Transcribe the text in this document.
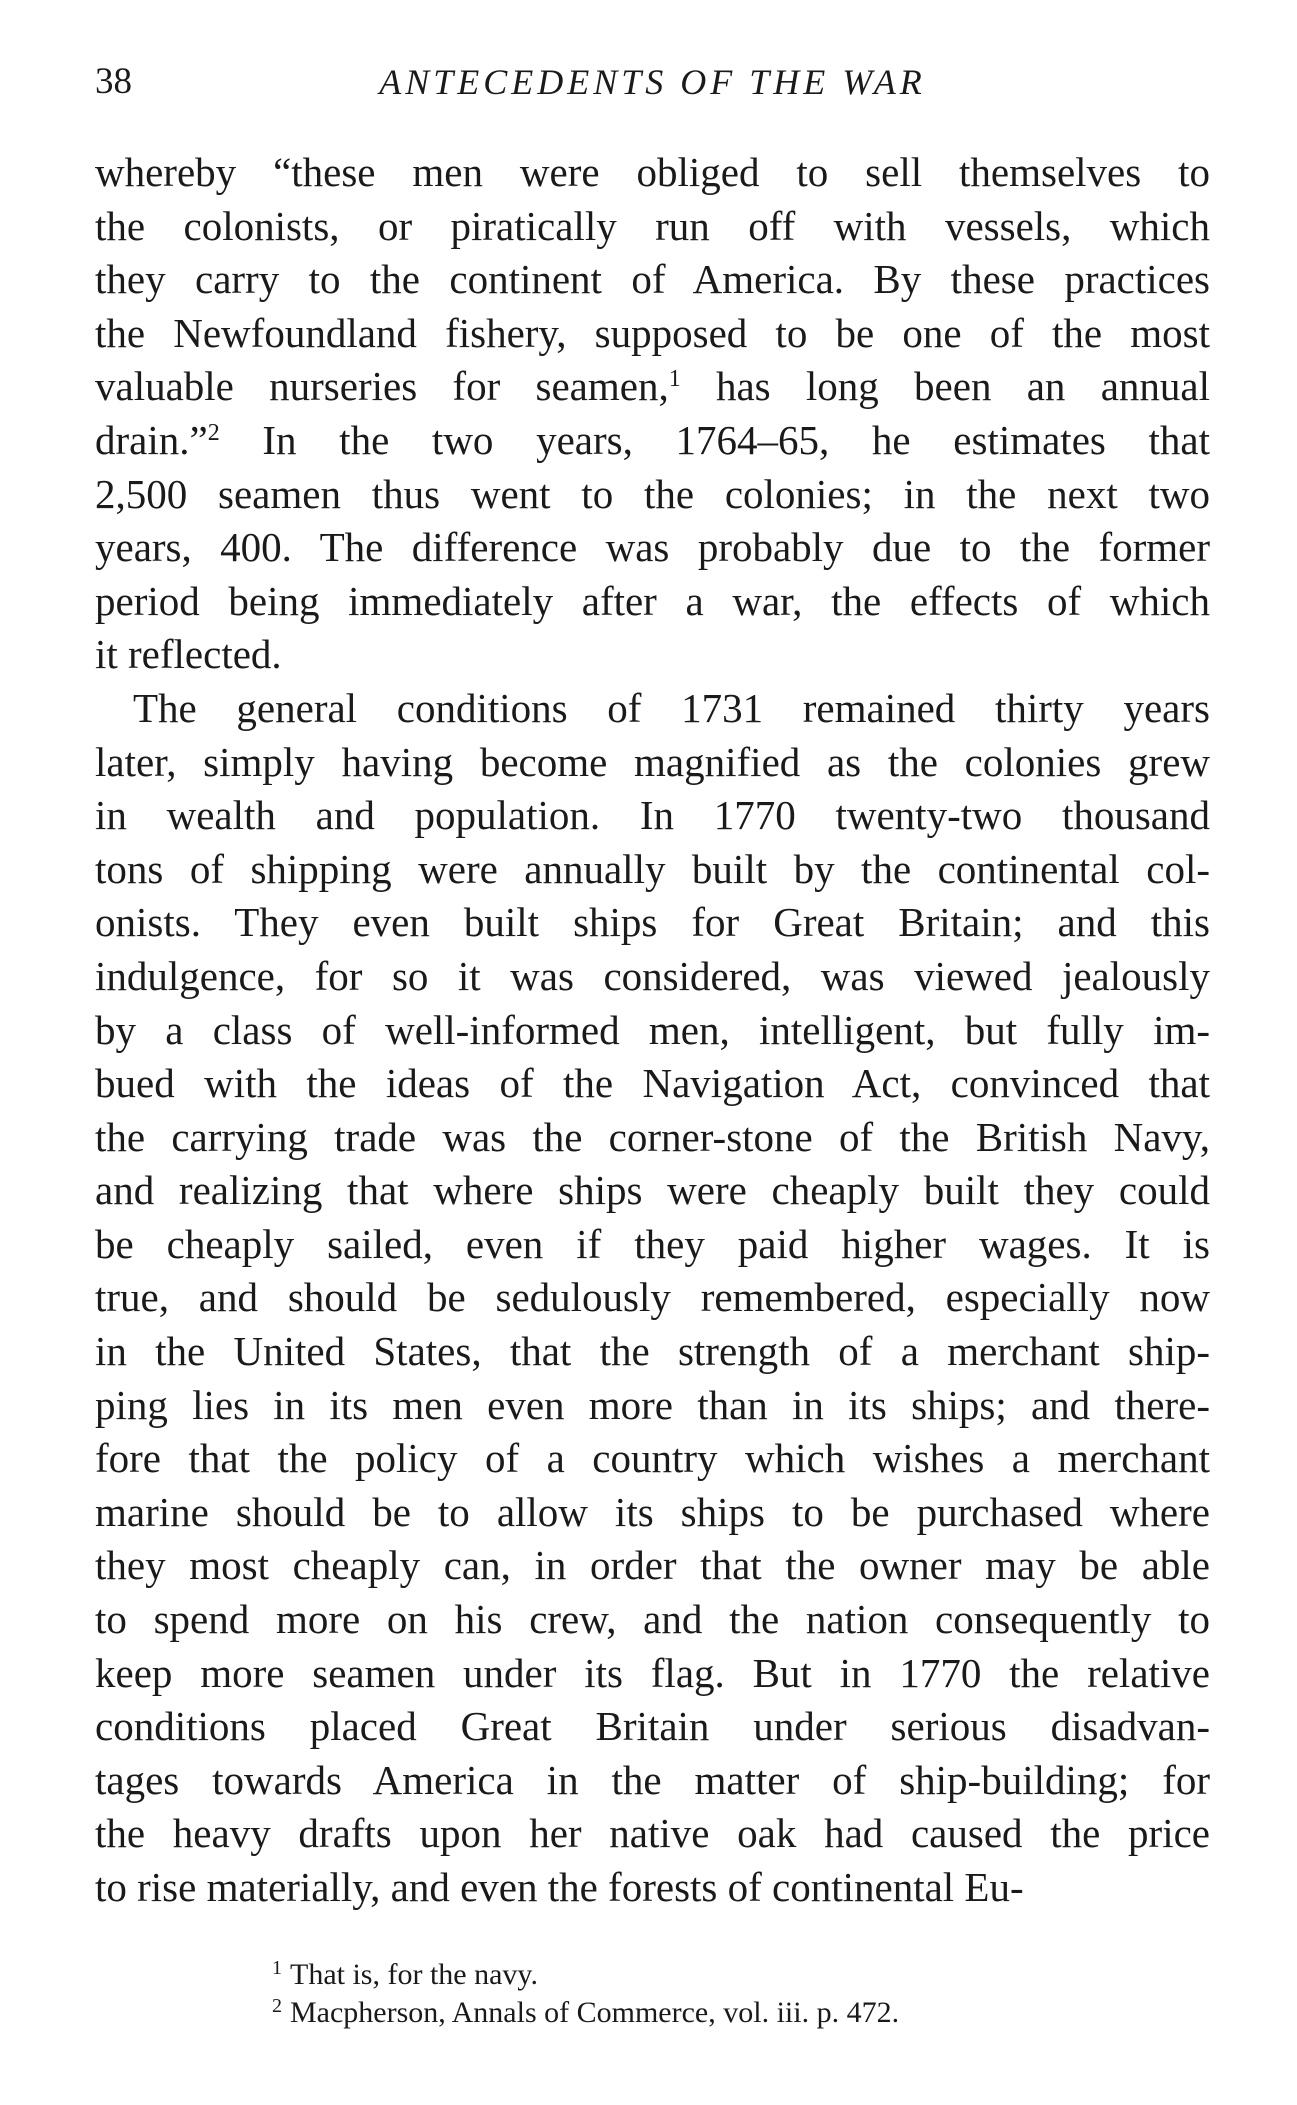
38	ANTECEDENTS OF THE WAR
whereby “these men were obliged to sell themselves to
the colonists, or piratically run off with vessels, which
they carry to the continent of America. By these practices
the Newfoundland fishery, supposed to be one of the most
valuable nurseries for seamen,$^1$ has long been an annual
drain.”$^2$ In the two years, 1764–65, he estimates that
2,500 seamen thus went to the colonies; in the next two
years, 400. The difference was probably due to the former
period being immediately after a war, the effects of which
it reflected.
The general conditions of 1731 remained thirty years
later, simply having become magnified as the colonies grew
in wealth and population. In 1770 twenty-two thousand
tons of shipping were annually built by the continental col-
onists. They even built ships for Great Britain; and this
indulgence, for so it was considered, was viewed jealously
by a class of well-informed men, intelligent, but fully im-
bued with the ideas of the Navigation Act, convinced that
the carrying trade was the corner-stone of the British Navy,
and realizing that where ships were cheaply built they could
be cheaply sailed, even if they paid higher wages. It is
true, and should be sedulously remembered, especially now
in the United States, that the strength of a merchant ship-
ping lies in its men even more than in its ships; and there-
fore that the policy of a country which wishes a merchant
marine should be to allow its ships to be purchased where
they most cheaply can, in order that the owner may be able
to spend more on his crew, and the nation consequently to
keep more seamen under its flag. But in 1770 the relative
conditions placed Great Britain under serious disadvan-
tages towards America in the matter of ship-building; for
the heavy drafts upon her native oak had caused the price
to rise materially, and even the forests of continental Eu-
$^1$ That is, for the navy.
$^2$ Macpherson, Annals of Commerce, vol. iii. p. 472.
